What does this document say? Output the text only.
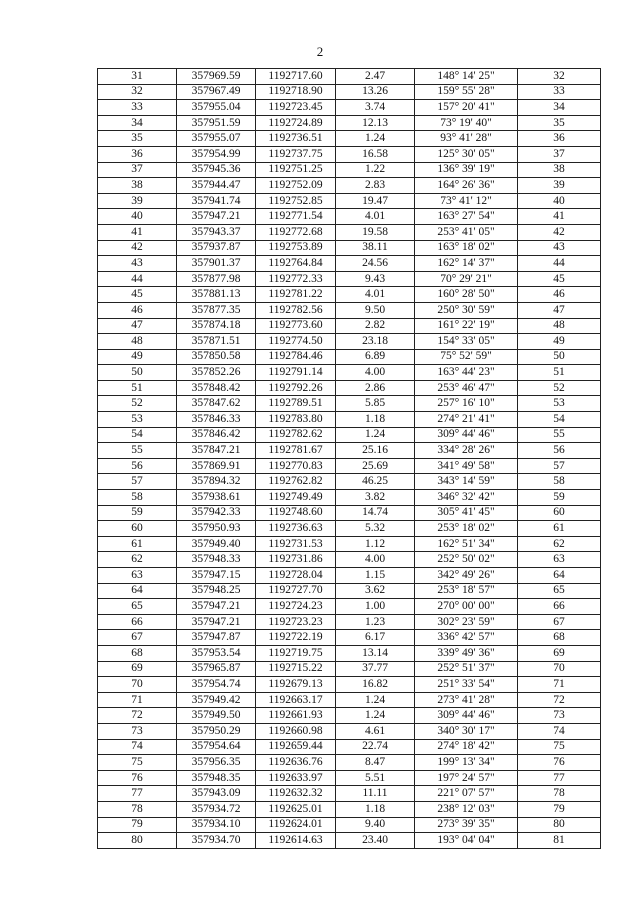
2
31	357969.59	1192717.60	2.47	148° 14' 25"	32
32	357967.49	1192718.90	13.26	159° 55' 28"	33
33	357955.04	1192723.45	3.74	157° 20' 41"	34
34	357951.59	1192724.89	12.13	73° 19' 40"	35
35	357955.07	1192736.51	1.24	93° 41' 28"	36
36	357954.99	1192737.75	16.58	125° 30' 05"	37
37	357945.36	1192751.25	1.22	136° 39' 19"	38
38	357944.47	1192752.09	2.83	164° 26' 36"	39
39	357941.74	1192752.85	19.47	73° 41' 12"	40
40	357947.21	1192771.54	4.01	163° 27' 54"	41
41	357943.37	1192772.68	19.58	253° 41' 05"	42
42	357937.87	1192753.89	38.11	163° 18' 02"	43
43	357901.37	1192764.84	24.56	162° 14' 37"	44
44	357877.98	1192772.33	9.43	70° 29' 21"	45
45	357881.13	1192781.22	4.01	160° 28' 50"	46
46	357877.35	1192782.56	9.50	250° 30' 59"	47
47	357874.18	1192773.60	2.82	161° 22' 19"	48
48	357871.51	1192774.50	23.18	154° 33' 05"	49
49	357850.58	1192784.46	6.89	75° 52' 59"	50
50	357852.26	1192791.14	4.00	163° 44' 23"	51
51	357848.42	1192792.26	2.86	253° 46' 47"	52
52	357847.62	1192789.51	5.85	257° 16' 10"	53
53	357846.33	1192783.80	1.18	274° 21' 41"	54
54	357846.42	1192782.62	1.24	309° 44' 46"	55
55	357847.21	1192781.67	25.16	334° 28' 26"	56
56	357869.91	1192770.83	25.69	341° 49' 58"	57
57	357894.32	1192762.82	46.25	343° 14' 59"	58
58	357938.61	1192749.49	3.82	346° 32' 42"	59
59	357942.33	1192748.60	14.74	305° 41' 45"	60
60	357950.93	1192736.63	5.32	253° 18' 02"	61
61	357949.40	1192731.53	1.12	162° 51' 34"	62
62	357948.33	1192731.86	4.00	252° 50' 02"	63
63	357947.15	1192728.04	1.15	342° 49' 26"	64
64	357948.25	1192727.70	3.62	253° 18' 57"	65
65	357947.21	1192724.23	1.00	270° 00' 00"	66
66	357947.21	1192723.23	1.23	302° 23' 59"	67
67	357947.87	1192722.19	6.17	336° 42' 57"	68
68	357953.54	1192719.75	13.14	339° 49' 36"	69
69	357965.87	1192715.22	37.77	252° 51' 37"	70
70	357954.74	1192679.13	16.82	251° 33' 54"	71
71	357949.42	1192663.17	1.24	273° 41' 28"	72
72	357949.50	1192661.93	1.24	309° 44' 46"	73
73	357950.29	1192660.98	4.61	340° 30' 17"	74
74	357954.64	1192659.44	22.74	274° 18' 42"	75
75	357956.35	1192636.76	8.47	199° 13' 34"	76
76	357948.35	1192633.97	5.51	197° 24' 57"	77
77	357943.09	1192632.32	11.11	221° 07' 57"	78
78	357934.72	1192625.01	1.18	238° 12' 03"	79
79	357934.10	1192624.01	9.40	273° 39' 35"	80
80	357934.70	1192614.63	23.40	193° 04' 04"	81
